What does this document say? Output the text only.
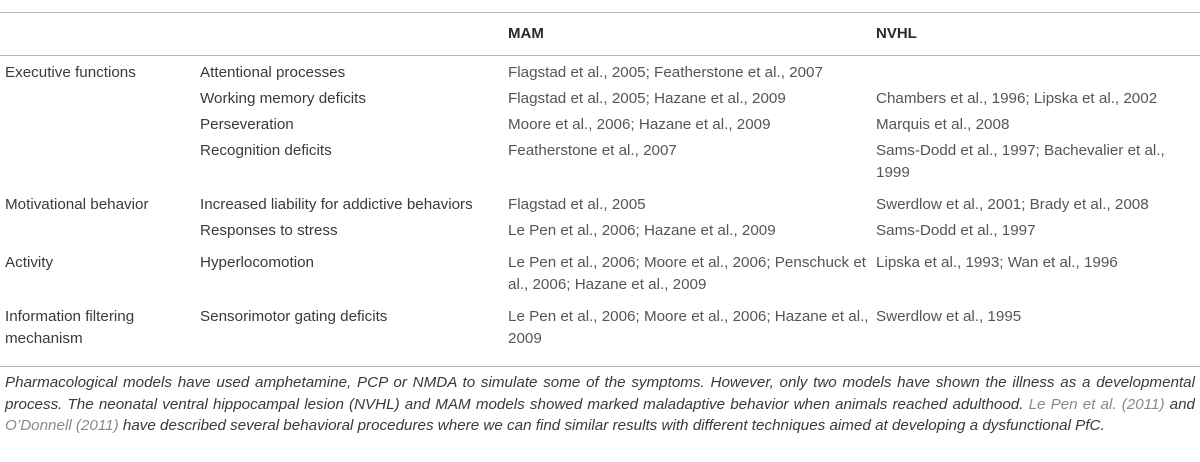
		MAM	NVHL
Executive functions	Attentional processes	Flagstad et al., 2005; Featherstone et al., 2007	
	Working memory deficits	Flagstad et al., 2005; Hazane et al., 2009	Chambers et al., 1996; Lipska et al., 2002
	Perseveration	Moore et al., 2006; Hazane et al., 2009	Marquis et al., 2008
	Recognition deficits	Featherstone et al., 2007	Sams-Dodd et al., 1997; Bachevalier et al., 1999
Motivational behavior	Increased liability for addictive behaviors	Flagstad et al., 2005	Swerdlow et al., 2001; Brady et al., 2008
	Responses to stress	Le Pen et al., 2006; Hazane et al., 2009	Sams-Dodd et al., 1997
Activity	Hyperlocomotion	Le Pen et al., 2006; Moore et al., 2006; Penschuck et al., 2006; Hazane et al., 2009	Lipska et al., 1993; Wan et al., 1996
Information filtering mechanism	Sensorimotor gating deficits	Le Pen et al., 2006; Moore et al., 2006; Hazane et al., 2009	Swerdlow et al., 1995
Pharmacological models have used amphetamine, PCP or NMDA to simulate some of the symptoms. However, only two models have shown the illness as a developmental process. The neonatal ventral hippocampal lesion (NVHL) and MAM models showed marked maladaptive behavior when animals reached adulthood. Le Pen et al. (2011) and O’Donnell (2011) have described several behavioral procedures where we can find similar results with different techniques aimed at developing a dysfunctional PfC.
